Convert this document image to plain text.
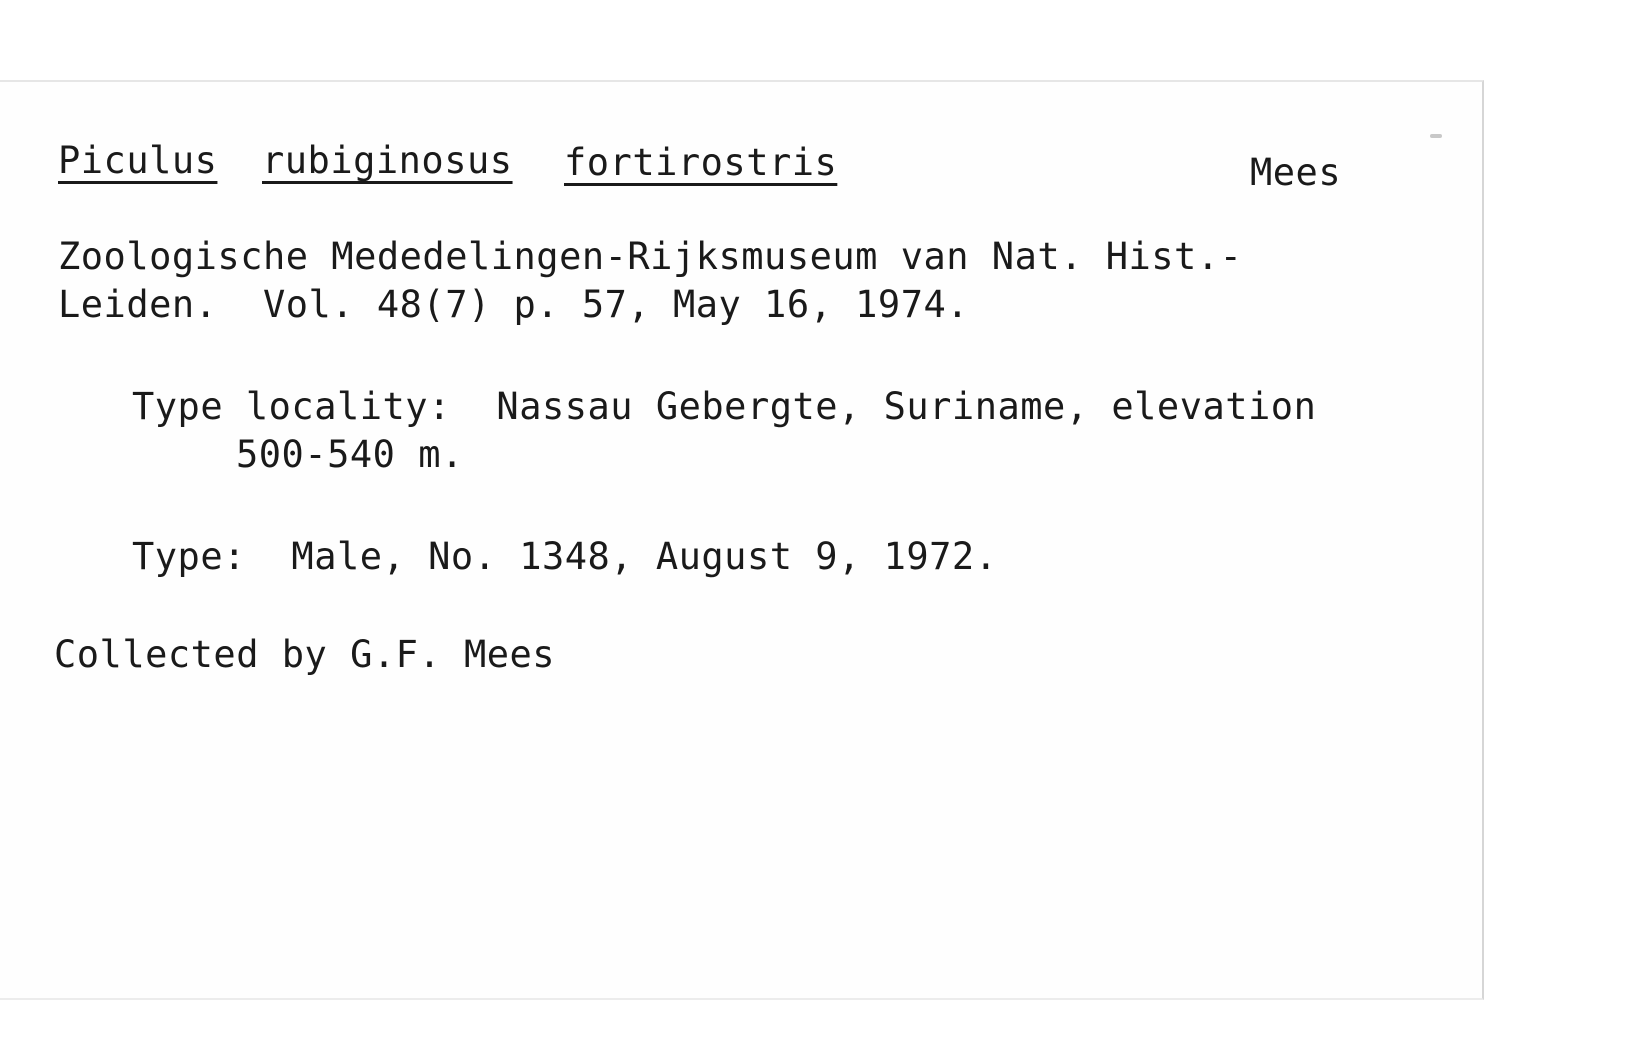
Piculus rubiginosus fortirostris	Mees
Zoologische Mededelingen-Rijksmuseum van Nat. Hist.-
Leiden.  Vol. 48(7) p. 57, May 16, 1974.
Type locality:  Nassau Gebergte, Suriname, elevation
500-540 m.
Type:  Male, No. 1348, August 9, 1972.
Collected by G.F. Mees
